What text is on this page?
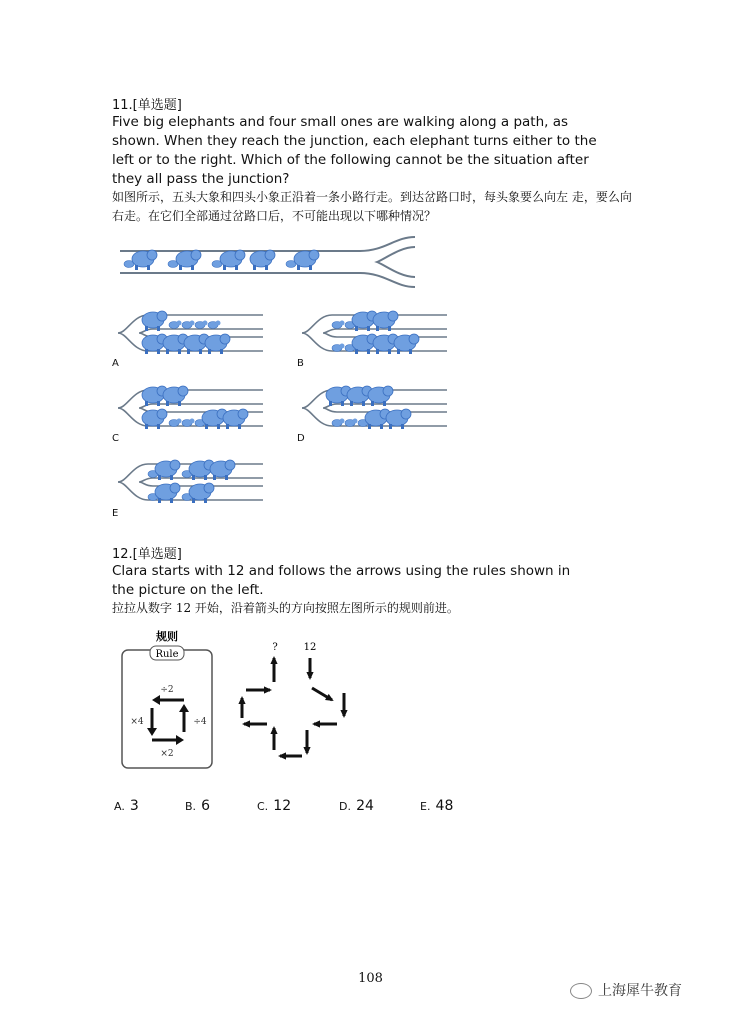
11.[单选题]
Five big elephants and four small ones are walking along a path, as shown. When they reach the junction, each elephant turns either to the left or to the right. Which of the following cannot be the situation after they all pass the junction?
如图所示，五头大象和四头小象正沿着一条小路行走。到达岔路口时，每头象要么向左 走，要么向右走。在它们全部通过岔路口后，不可能出现以下哪种情况？
A	B
C	D
E
12.[单选题]
Clara starts with 12 and follows the arrows using the rules shown in the picture on the left.
拉拉从数字 12 开始，沿着箭头的方向按照左图所示的规则前进。
规则
Rule
÷2
×4	÷4
×2
?	12
A. 3	B. 6	C. 12	D. 24	E. 48
108
上海犀牛教育
